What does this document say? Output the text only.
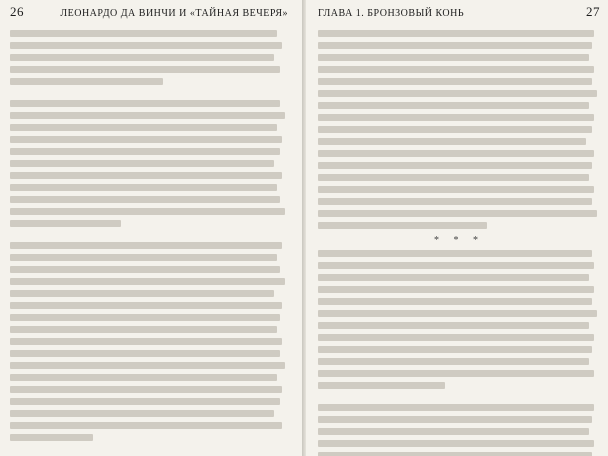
26	ЛЕОНАРДО ДА ВИНЧИ И «ТАЙНАЯ ВЕЧЕРЯ»	ГЛАВА 1. БРОНЗОВЫЙ КОНЬ	27
* * *
